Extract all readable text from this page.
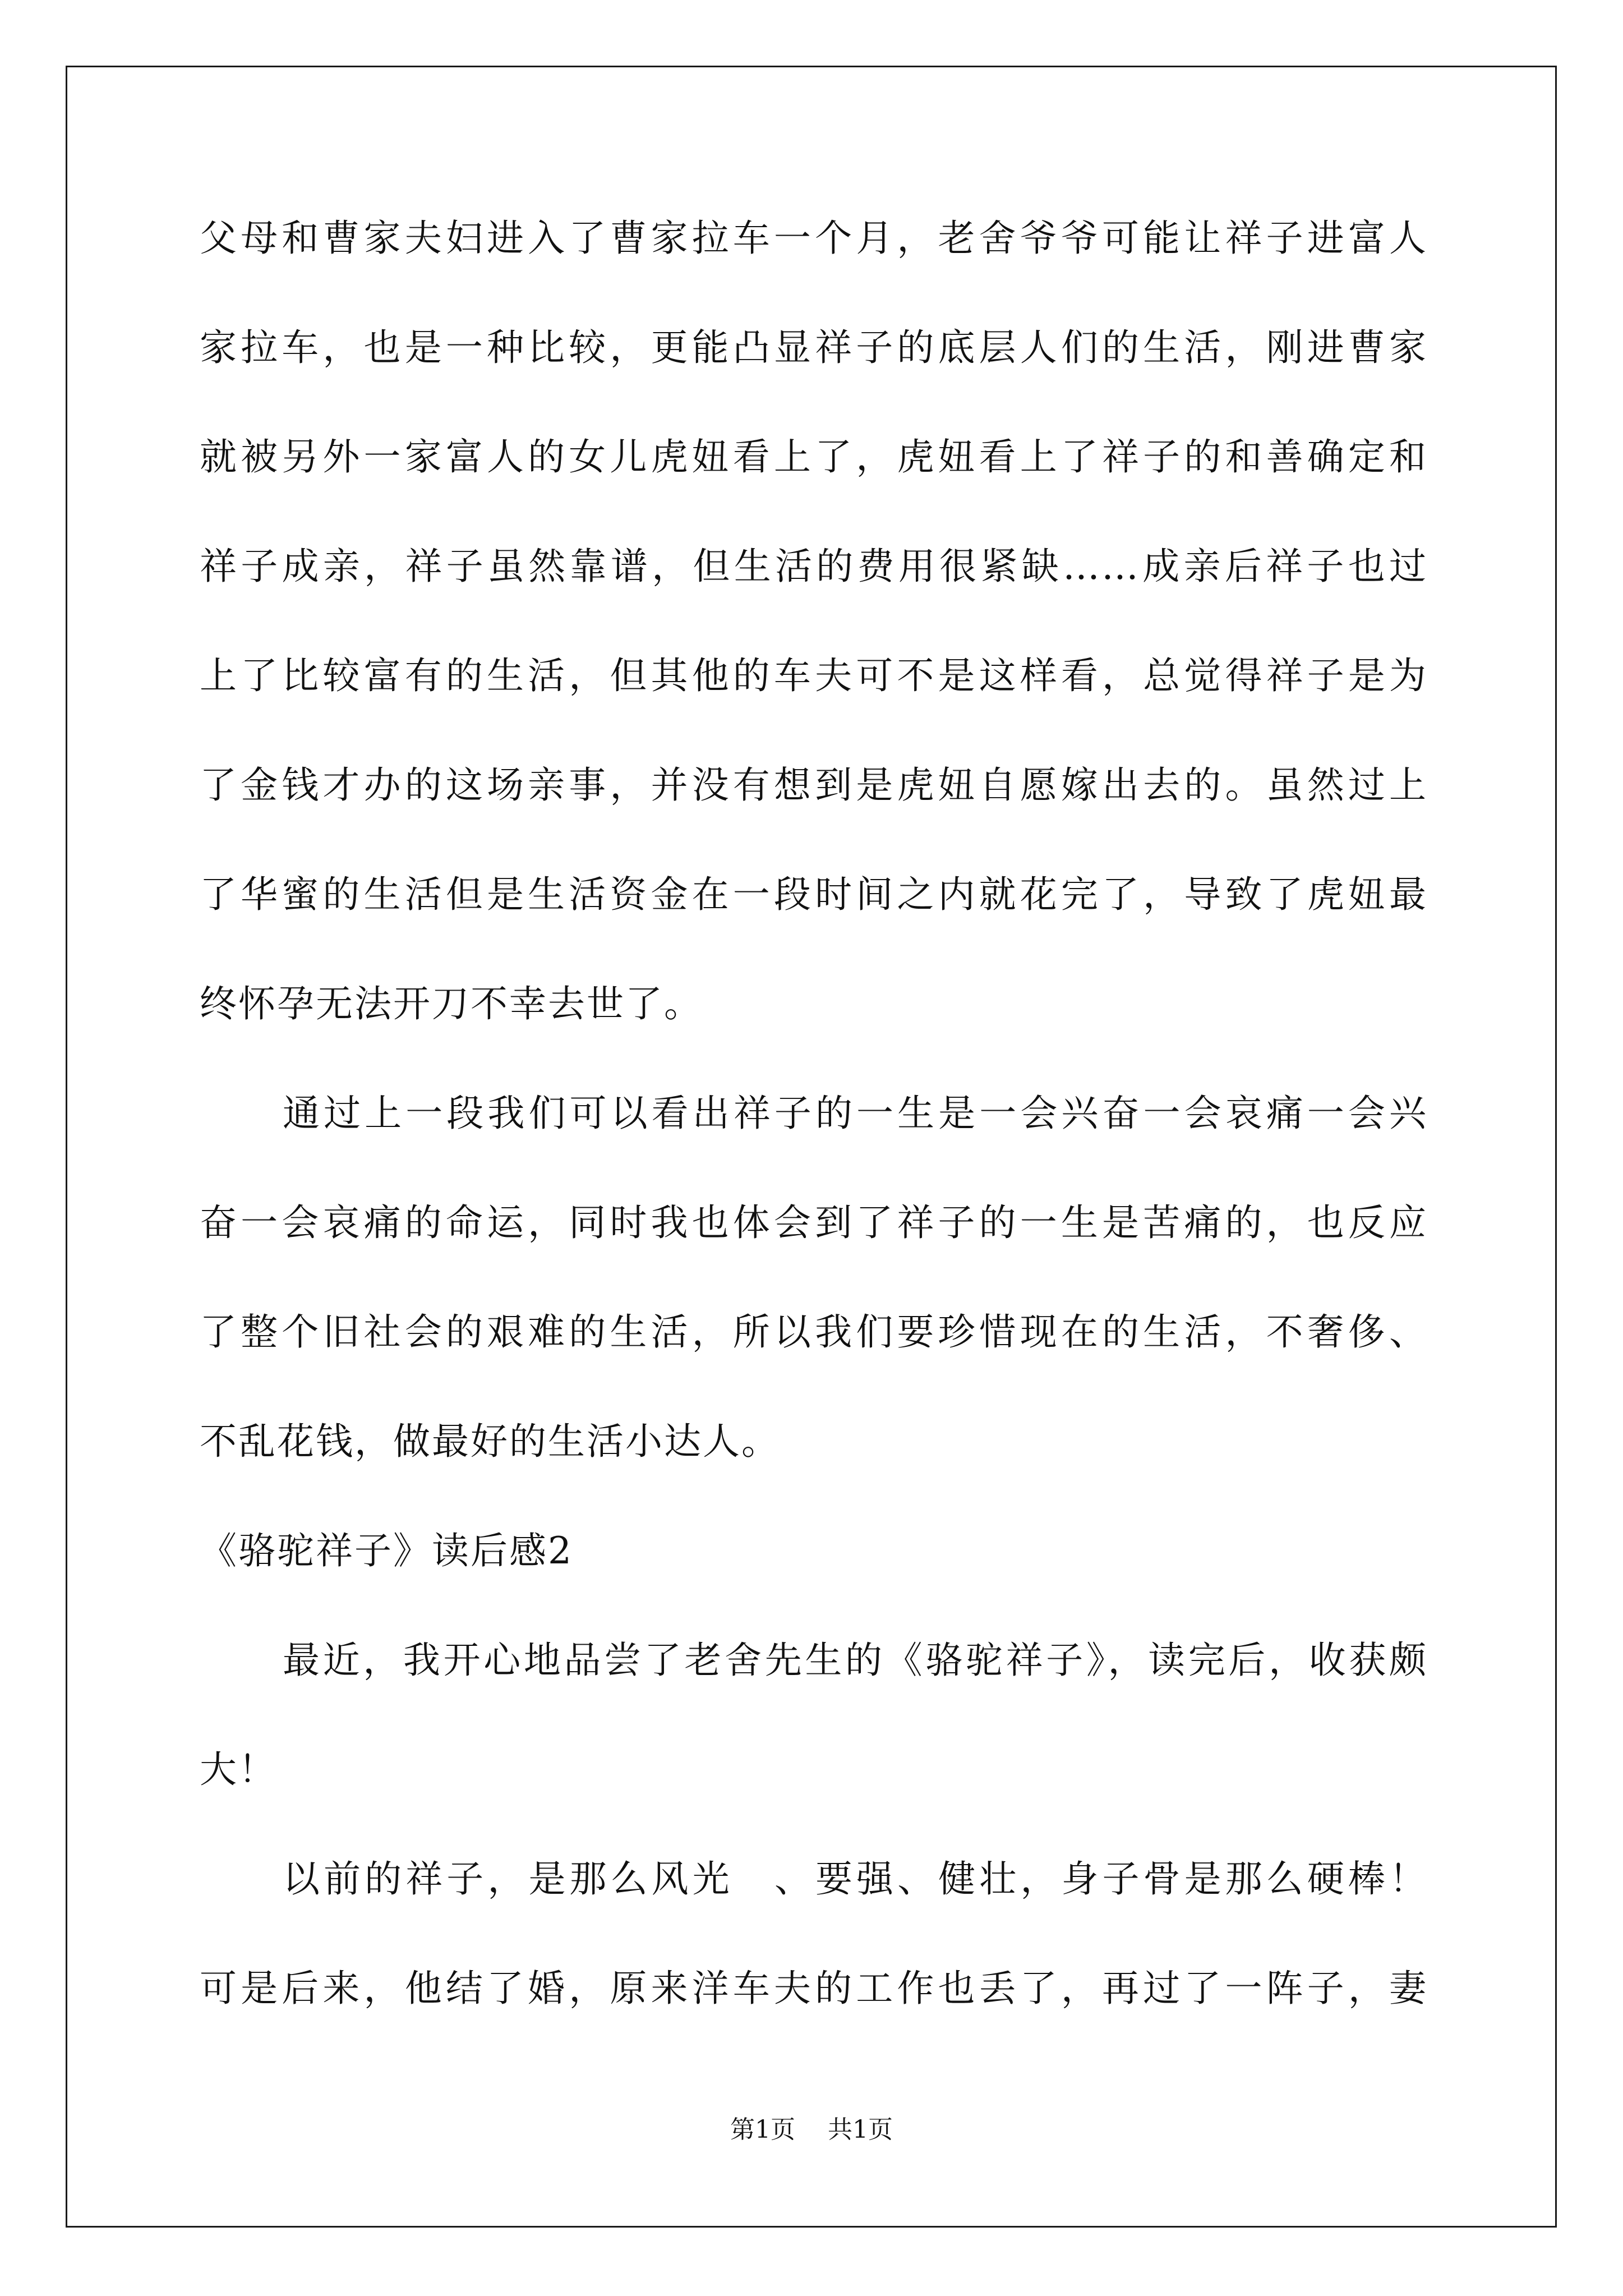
父母和曹家夫妇进入了曹家拉车一个月，老舍爷爷可能让祥子进富人
家拉车，也是一种比较，更能凸显祥子的底层人们的生活，刚进曹家
就被另外一家富人的女儿虎妞看上了，虎妞看上了祥子的和善确定和
祥子成亲，祥子虽然靠谱，但生活的费用很紧缺……成亲后祥子也过
上了比较富有的生活，但其他的车夫可不是这样看，总觉得祥子是为
了金钱才办的这场亲事，并没有想到是虎妞自愿嫁出去的。虽然过上
了华蜜的生活但是生活资金在一段时间之内就花完了，导致了虎妞最
终怀孕无法开刀不幸去世了。
通过上一段我们可以看出祥子的一生是一会兴奋一会哀痛一会兴
奋一会哀痛的命运，同时我也体会到了祥子的一生是苦痛的，也反应
了整个旧社会的艰难的生活，所以我们要珍惜现在的生活，不奢侈、
不乱花钱，做最好的生活小达人。
《骆驼祥子》读后感2
最近，我开心地品尝了老舍先生的《骆驼祥子》，读完后，收获颇
大！
以前的祥子，是那么风光　、要强、健壮，身子骨是那么硬棒！
可是后来，他结了婚，原来洋车夫的工作也丢了，再过了一阵子，妻
第1页 共1页
